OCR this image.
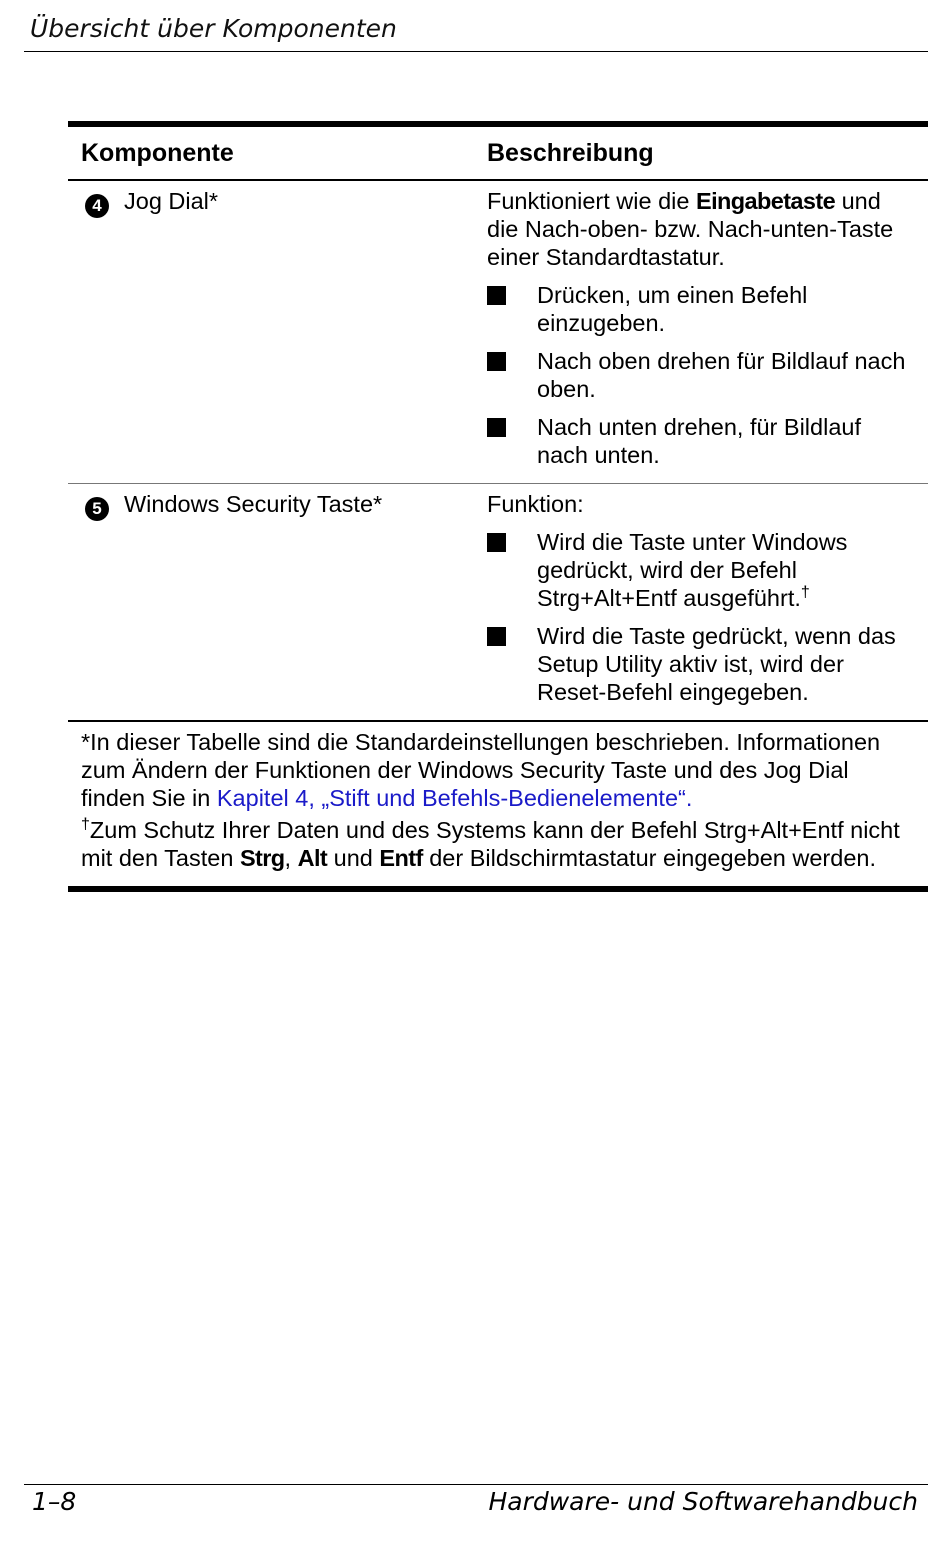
Übersicht über Komponenten
Komponente	Beschreibung
4 Jog Dial*	Funktioniert wie die Eingabetaste und die Nach-oben- bzw. Nach-unten-Taste einer Standardtastatur.

Drücken, um einen Befehl einzugeben.
Nach oben drehen für Bildlauf nach oben.
Nach unten drehen, für Bildlauf nach unten.
5 Windows Security Taste*	Funktion:

Wird die Taste unter Windows gedrückt, wird der Befehl Strg+Alt+Entf ausgeführt.†
Wird die Taste gedrückt, wenn das Setup Utility aktiv ist, wird der Reset-Befehl eingegeben.

*In dieser Tabelle sind die Standardeinstellungen beschrieben. Informationen zum Ändern der Funktionen der Windows Security Taste und des Jog Dial finden Sie in Kapitel 4, „Stift und Befehls-Bedienelemente“.

†Zum Schutz Ihrer Daten und des Systems kann der Befehl Strg+Alt+Entf nicht mit den Tasten Strg, Alt und Entf der Bildschirmtastatur eingegeben werden.

1–8	Hardware- und Softwarehandbuch
